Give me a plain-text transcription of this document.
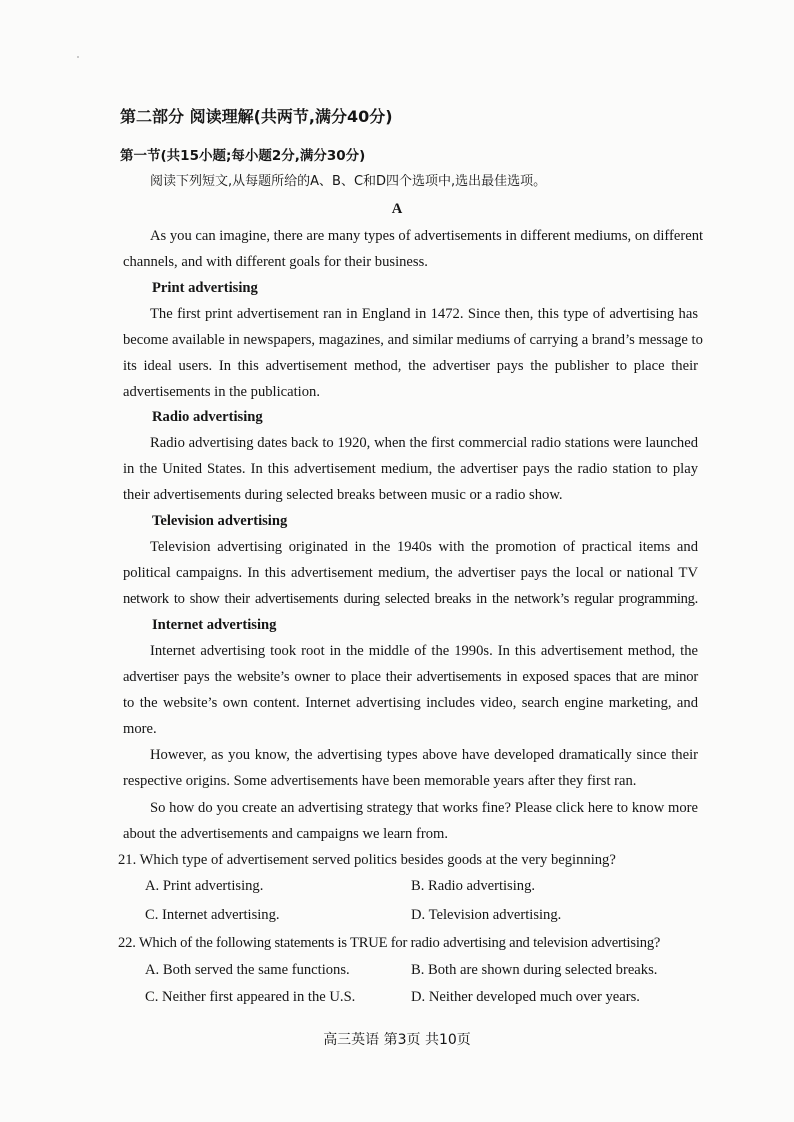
第二部分 阅读理解(共两节,满分40分)
第一节(共15小题;每小题2分,满分30分)
阅读下列短文,从每题所给的A、B、C和D四个选项中,选出最佳选项。
A
As you can imagine, there are many types of advertisements in different mediums, on different
channels, and with different goals for their business.
Print advertising
The first print advertisement ran in England in 1472. Since then, this type of advertising has
become available in newspapers, magazines, and similar mediums of carrying a brand’s message to
its ideal users. In this advertisement method, the advertiser pays the publisher to place their
advertisements in the publication.
Radio advertising
Radio advertising dates back to 1920, when the first commercial radio stations were launched
in the United States. In this advertisement medium, the advertiser pays the radio station to play
their advertisements during selected breaks between music or a radio show.
Television advertising
Television advertising originated in the 1940s with the promotion of practical items and
political campaigns. In this advertisement medium, the advertiser pays the local or national TV
network to show their advertisements during selected breaks in the network’s regular programming.
Internet advertising
Internet advertising took root in the middle of the 1990s. In this advertisement method, the
advertiser pays the website’s owner to place their advertisements in exposed spaces that are minor
to the website’s own content. Internet advertising includes video, search engine marketing, and
more.
However, as you know, the advertising types above have developed dramatically since their
respective origins. Some advertisements have been memorable years after they first ran.
So how do you create an advertising strategy that works fine? Please click here to know more
about the advertisements and campaigns we learn from.
21. Which type of advertisement served politics besides goods at the very beginning?
A. Print advertising.	B. Radio advertising.
C. Internet advertising.	D. Television advertising.
22. Which of the following statements is TRUE for radio advertising and television advertising?
A. Both served the same functions.	B. Both are shown during selected breaks.
C. Neither first appeared in the U.S.	D. Neither developed much over years.
高三英语 第3页 共10页
